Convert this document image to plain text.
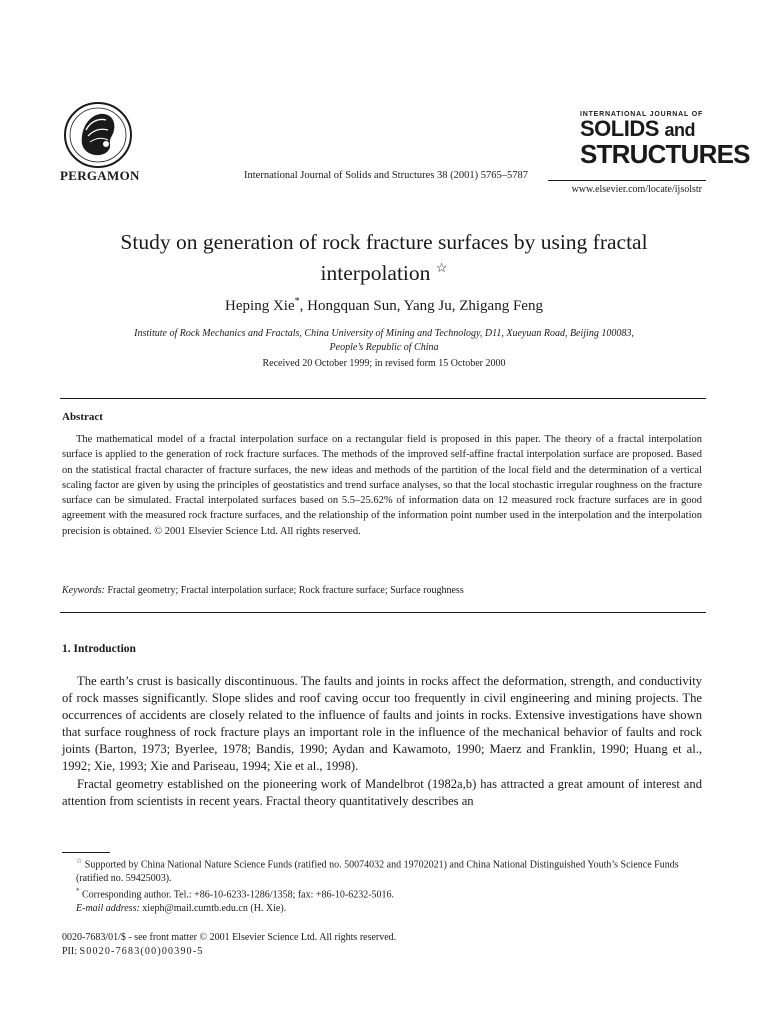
PERGAMON	International Journal of Solids and Structures 38 (2001) 5765–5787
INTERNATIONAL JOURNAL OF
SOLIDS and
STRUCTURES
www.elsevier.com/locate/ijsolstr
Study on generation of rock fracture surfaces by using fractal
interpolation ☆
Heping Xie*, Hongquan Sun, Yang Ju, Zhigang Feng
Institute of Rock Mechanics and Fractals, China University of Mining and Technology, D11, Xueyuan Road, Beijing 100083,
People’s Republic of China
Received 20 October 1999; in revised form 15 October 2000
Abstract

The mathematical model of a fractal interpolation surface on a rectangular field is proposed in this paper. The theory of a fractal interpolation surface is applied to the generation of rock fracture surfaces. The methods of the improved self-affine fractal interpolation surface are proposed. Based on the statistical fractal character of fracture surfaces, the new ideas and methods of the partition of the local field and the determination of a vertical scaling factor are given by using the principles of geostatistics and trend surface analyses, so that the local stochastic irregular roughness on the fracture surface can be simulated. Fractal interpolated surfaces based on 5.5–25.62% of information data on 12 measured rock fracture surfaces are in good agreement with the measured rock fracture surfaces, and the relationship of the information point number used in the interpolation and the interpolation precision is obtained. © 2001 Elsevier Science Ltd. All rights reserved.

Keywords: Fractal geometry; Fractal interpolation surface; Rock fracture surface; Surface roughness
1. Introduction

The earth’s crust is basically discontinuous. The faults and joints in rocks affect the deformation, strength, and conductivity of rock masses significantly. Slope slides and roof caving occur too frequently in civil engineering and mining projects. The occurrences of accidents are closely related to the influence of faults and joints in rocks. Extensive investigations have shown that surface roughness of rock fracture plays an important role in the influence of the mechanical behavior of faults and rock joints (Barton, 1973; Byerlee, 1978; Bandis, 1990; Aydan and Kawamoto, 1990; Maerz and Franklin, 1990; Huang et al., 1992; Xie, 1993; Xie and Pariseau, 1994; Xie et al., 1998).

Fractal geometry established on the pioneering work of Mandelbrot (1982a,b) has attracted a great amount of interest and attention from scientists in recent years. Fractal theory quantitatively describes an

☆ Supported by China National Nature Science Funds (ratified no. 50074032 and 19702021) and China National Distinguished Youth’s Science Funds (ratified no. 59425003).

* Corresponding author. Tel.: +86-10-6233-1286/1358; fax: +86-10-6232-5016.

E-mail address: xieph@mail.cumtb.edu.cn (H. Xie).

0020-7683/01/$ - see front matter © 2001 Elsevier Science Ltd. All rights reserved.

PII: S0020-7683(00)00390-5
